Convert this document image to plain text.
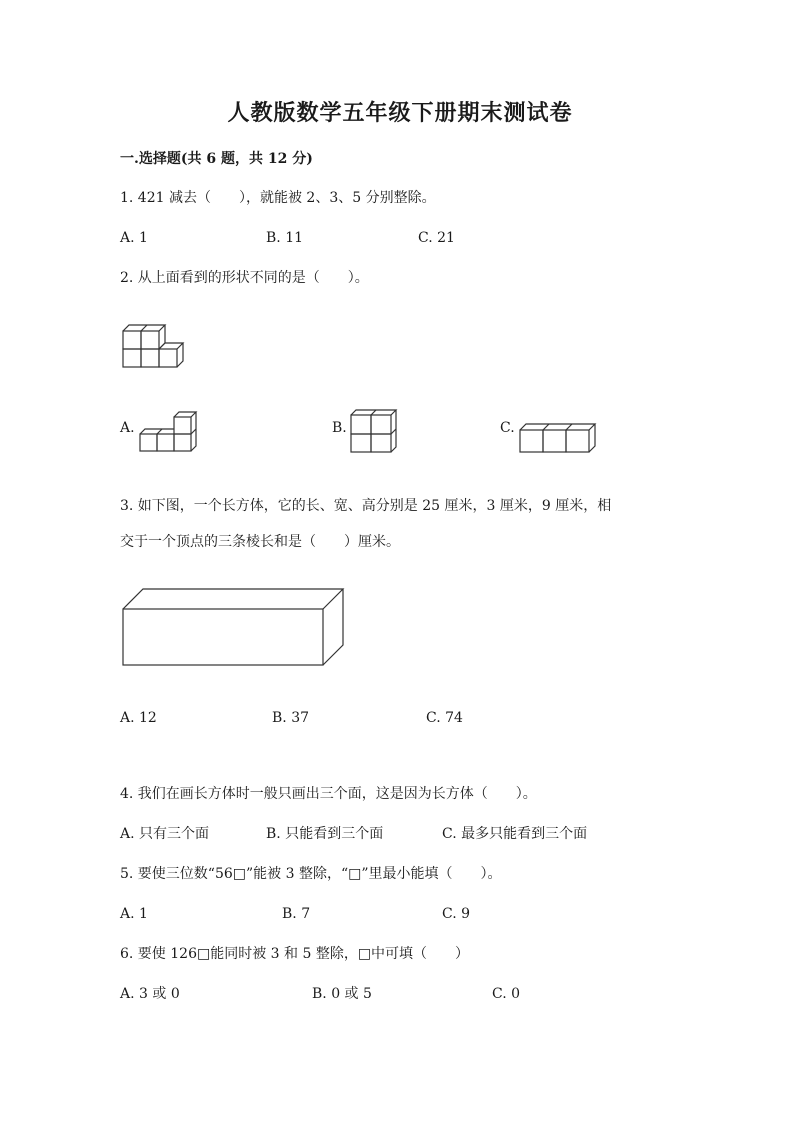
人教版数学五年级下册期末测试卷
一.选择题(共 6 题，共 12 分)
1. 421 减去（　　），就能被 2、3、5 分别整除。
A. 1	B. 11	C. 21
2. 从上面看到的形状不同的是（　　）。
A.	B.	C.
3. 如下图，一个长方体，它的长、宽、高分别是 25 厘米，3 厘米，9 厘米，相
交于一个顶点的三条棱长和是（　　）厘米。
A. 12	B. 37	C. 74
4. 我们在画长方体时一般只画出三个面，这是因为长方体（　　）。
A. 只有三个面	B. 只能看到三个面	C. 最多只能看到三个面
5. 要使三位数“56□”能被 3 整除，“□”里最小能填（　　）。
A. 1	B. 7	C. 9
6. 要使 126□能同时被 3 和 5 整除，□中可填（　　）
A. 3 或 0	B. 0 或 5	C. 0
